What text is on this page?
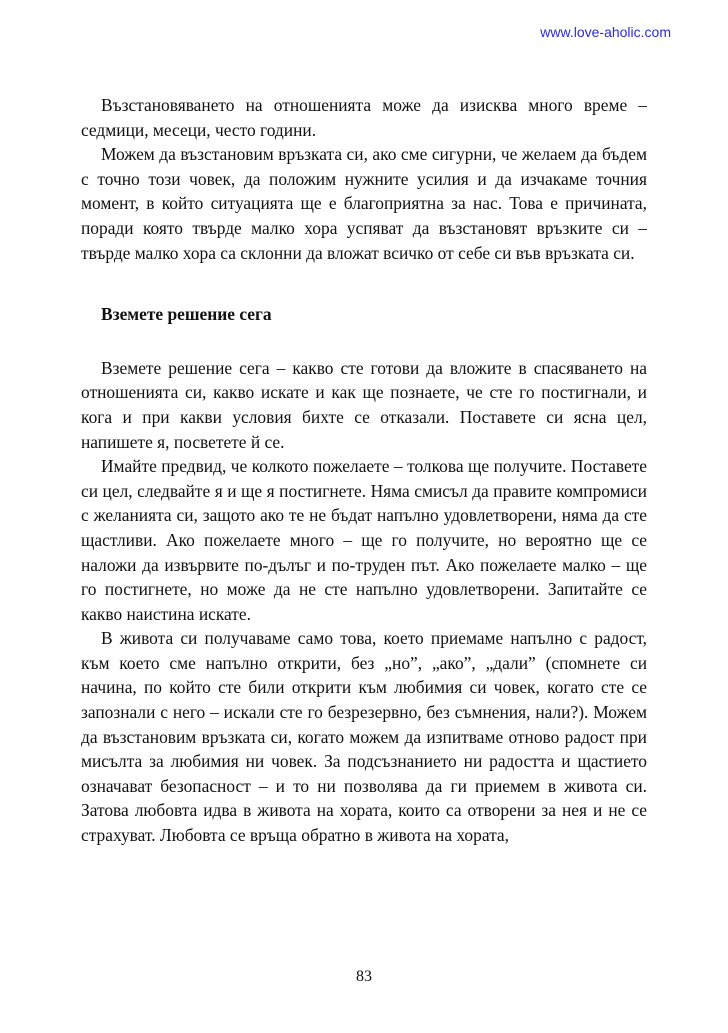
www.love-aholic.com

Възстановяването на отношенията може да изисква много време – седмици, месеци, често години.

Можем да възстановим връзката си, ако сме сигурни, че желаем да бъдем с точно този човек, да положим нужните усилия и да изчакаме точния момент, в който ситуацията ще е благоприятна за нас. Това е причината, поради която твърде малко хора успяват да възстановят връзките си – твърде малко хора са склонни да вложат всичко от себе си във връзката си.

Вземете решение сега

Вземете решение сега – какво сте готови да вложите в спасяването на отношенията си, какво искате и как ще познаете, че сте го постигнали, и кога и при какви условия бихте се отказали. Поставете си ясна цел, напишете я, посветете й се.

Имайте предвид, че колкото пожелаете – толкова ще получите. Поставете си цел, следвайте я и ще я постигнете. Няма смисъл да правите компромиси с желанията си, защото ако те не бъдат напълно удовлетворени, няма да сте щастливи. Ако пожелаете много – ще го получите, но вероятно ще се наложи да извървите по-дълъг и по-труден път. Ако пожелаете малко – ще го постигнете, но може да не сте напълно удовлетворени. Запитайте се какво наистина искате.

В живота си получаваме само това, което приемаме напълно с радост, към което сме напълно открити, без „но”, „ако”, „дали” (спомнете си начина, по който сте били открити към любимия си човек, когато сте се запознали с него – искали сте го безрезервно, без съмнения, нали?). Можем да възстановим връзката си, когато можем да изпитваме отново радост при мисълта за любимия ни човек. За подсъзнанието ни радостта и щастието означават безопасност – и то ни позволява да ги приемем в живота си. Затова любовта идва в живота на хората, които са отворени за нея и не се страхуват. Любовта се връща обратно в живота на хората,

83
